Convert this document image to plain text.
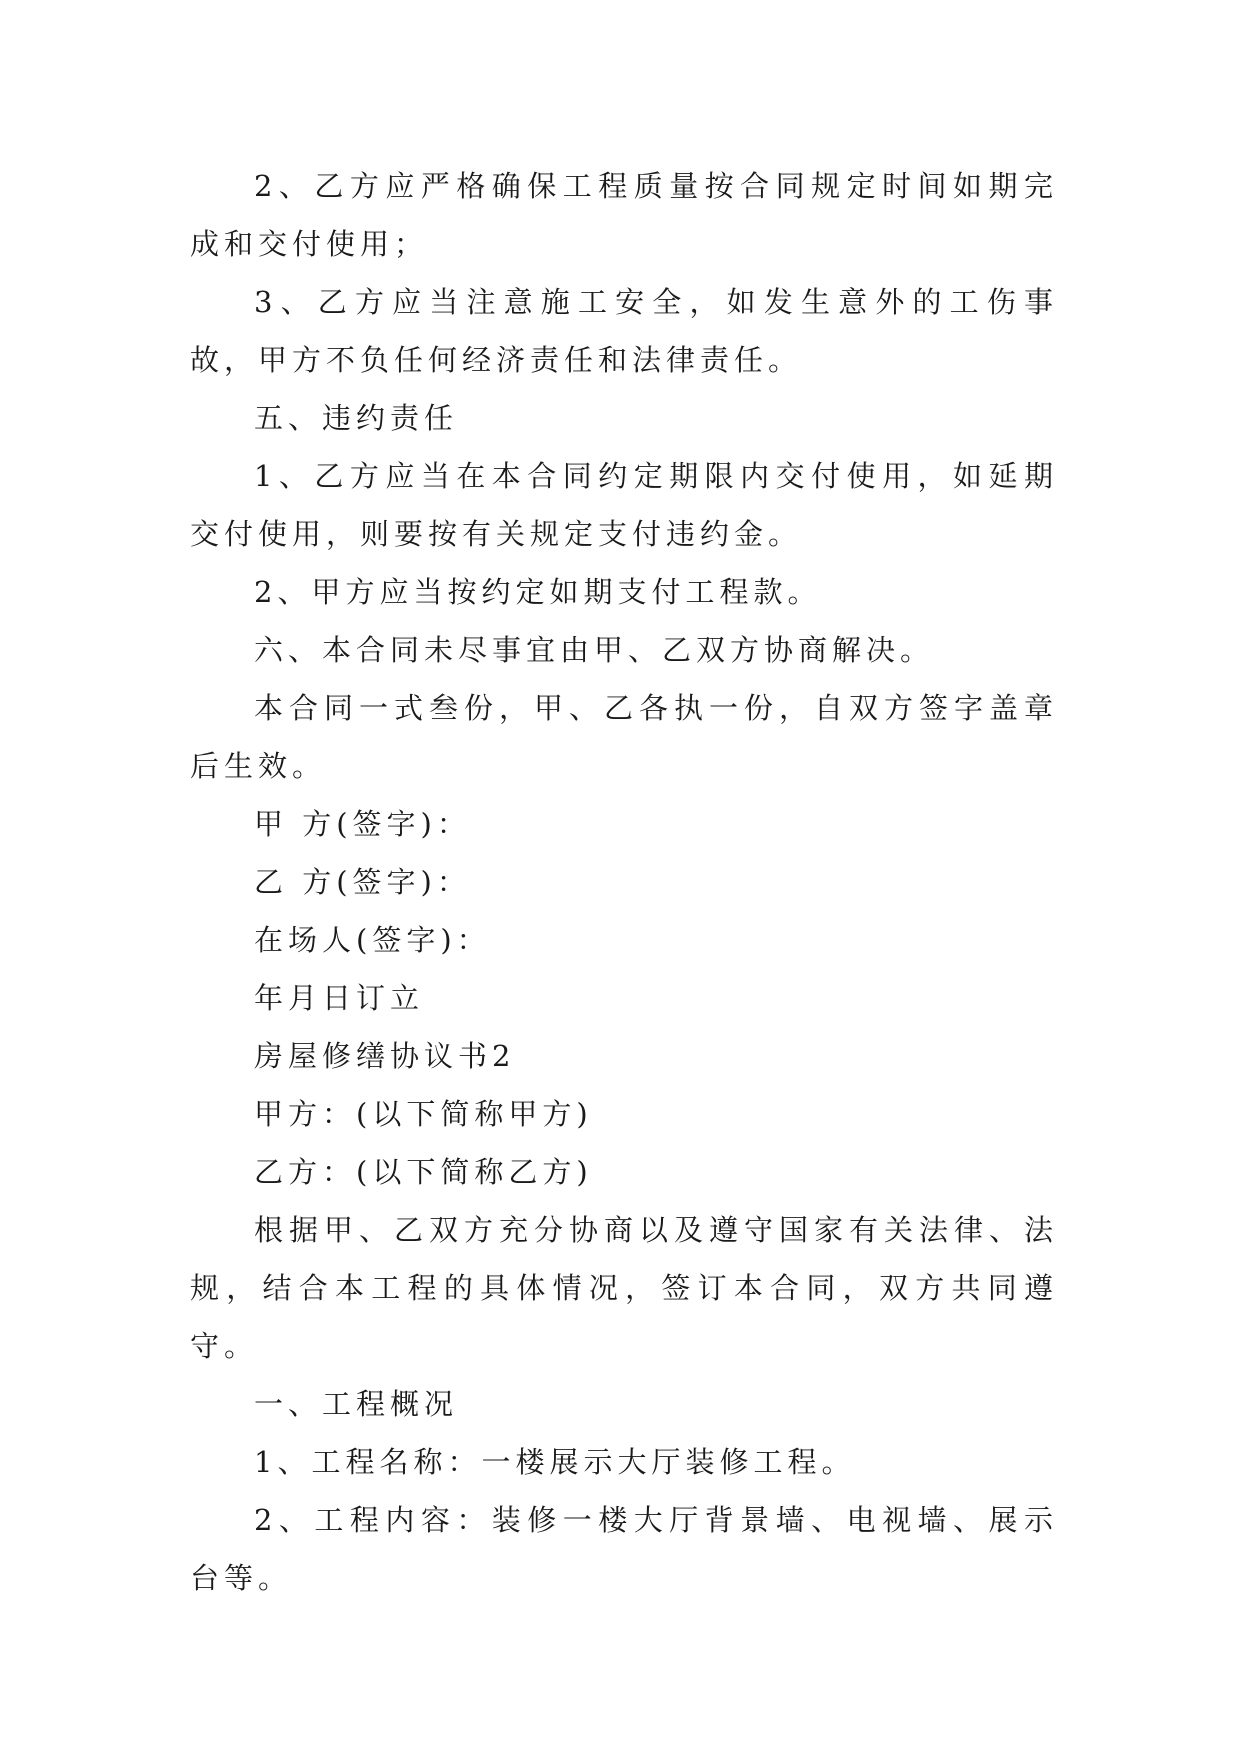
2、乙方应严格确保工程质量按合同规定时间如期完成和交付使用；

3、乙方应当注意施工安全，如发生意外的工伤事故，甲方不负任何经济责任和法律责任。

五、违约责任

1、乙方应当在本合同约定期限内交付使用，如延期交付使用，则要按有关规定支付违约金。

2、甲方应当按约定如期支付工程款。

六、本合同未尽事宜由甲、乙双方协商解决。

本合同一式叁份，甲、乙各执一份，自双方签字盖章后生效。

甲 方(签字)：

乙 方(签字)：

在场人(签字)：

年月日订立

房屋修缮协议书2

甲方：(以下简称甲方)

乙方：(以下简称乙方)

根据甲、乙双方充分协商以及遵守国家有关法律、法规，结合本工程的具体情况，签订本合同，双方共同遵守。

一、工程概况

1、工程名称：一楼展示大厅装修工程。

2、工程内容：装修一楼大厅背景墙、电视墙、展示台等。
